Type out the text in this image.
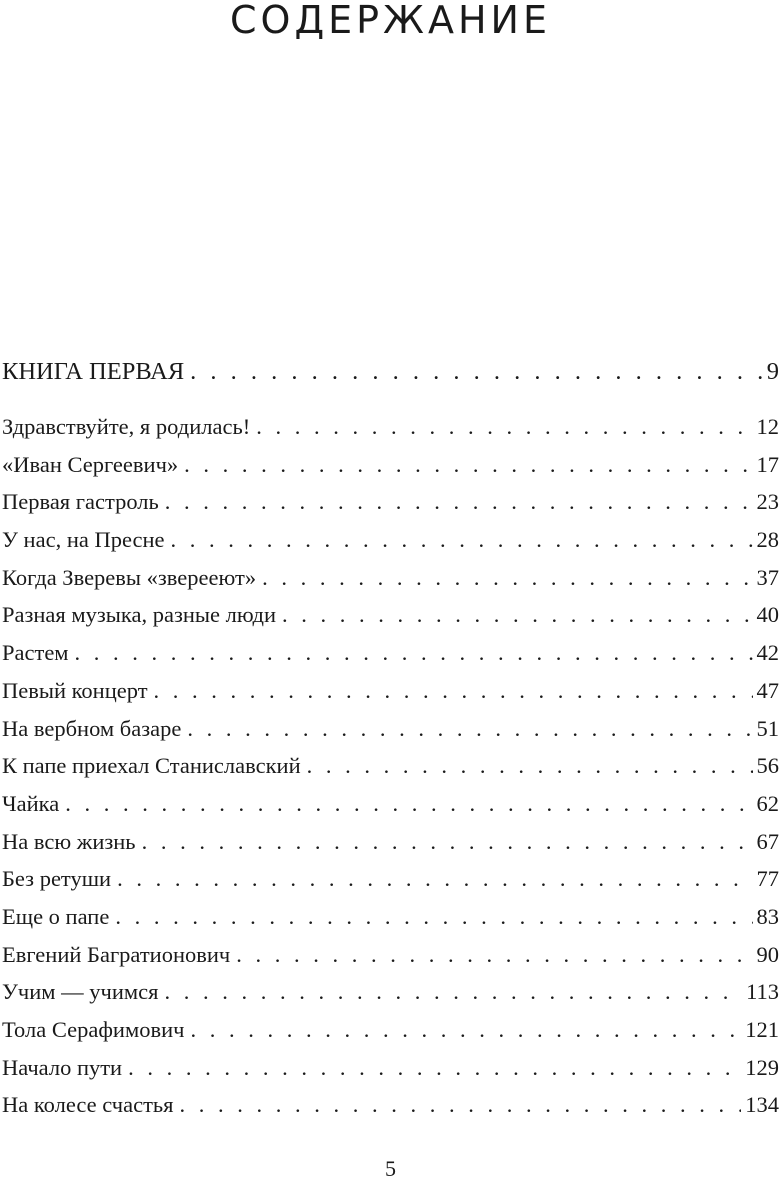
СОДЕРЖАНИЕ
КНИГА ПЕРВАЯ . . .	9
Здравствуйте, я родилась! . . .	12
«Иван Сергеевич» . . .	17
Первая гастроль . . .	23
У нас, на Пресне . . .	28
Когда Зверевы «зверееют» . . .	37
Разная музыка, разные люди . . .	40
Растем . . .	42
Певый концерт . . .	47
На вербном базаре . . .	51
К папе приехал Станиславский . . .	56
Чайка . . .	62
На всю жизнь . . .	67
Без ретуши . . .	77
Еще о папе . . .	83
Евгений Багратионович . . .	90
Учим — учимся . . .	113
Тола Серафимович . . .	121
Начало пути . . .	129
На колесе счастья . . .	134
5
